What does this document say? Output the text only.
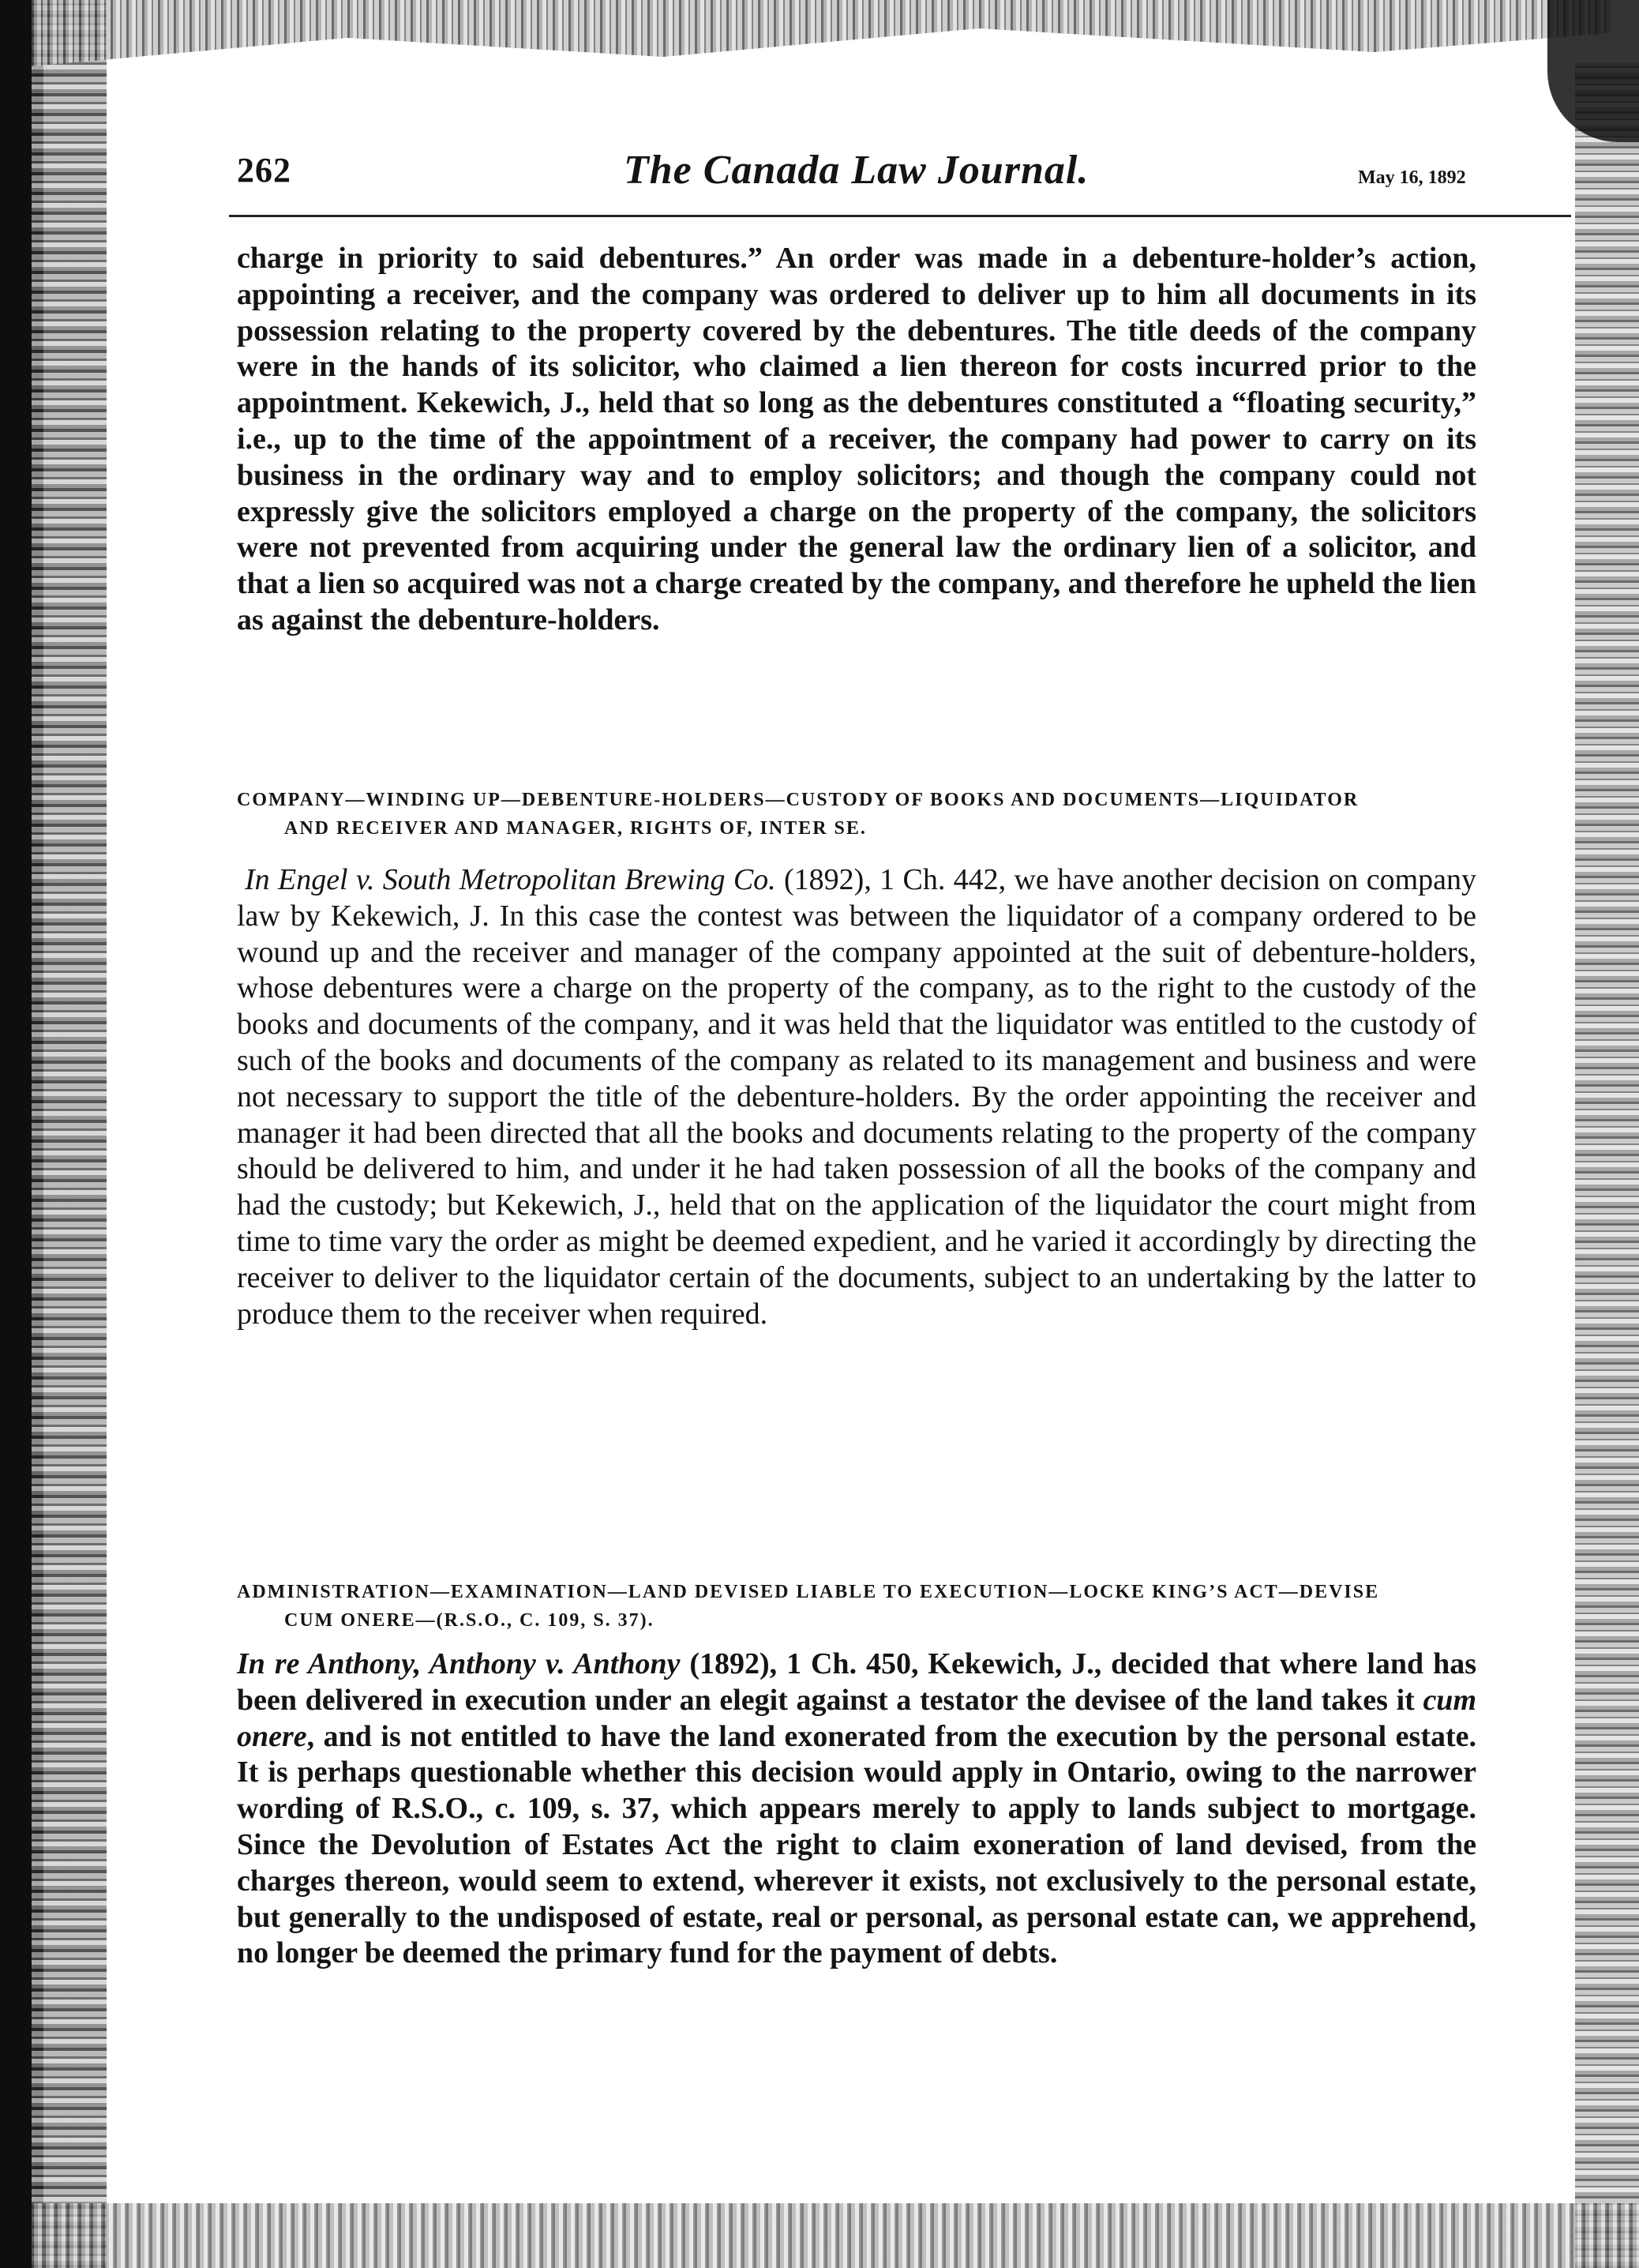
262	The Canada Law Journal.	May 16, 1892
charge in priority to said debentures.” An order was made in a debenture-holder’s action, appointing a receiver, and the company was ordered to deliver up to him all documents in its possession relating to the property covered by the debentures. The title deeds of the company were in the hands of its solicitor, who claimed a lien thereon for costs incurred prior to the appointment. Kekewich, J., held that so long as the debentures constituted a “floating security,” i.e., up to the time of the appointment of a receiver, the company had power to carry on its business in the ordinary way and to employ solicitors; and though the company could not expressly give the solicitors employed a charge on the property of the company, the solicitors were not prevented from acquiring under the general law the ordinary lien of a solicitor, and that a lien so acquired was not a charge created by the company, and therefore he upheld the lien as against the debenture-holders.
COMPANY—WINDING UP—DEBENTURE-HOLDERS—CUSTODY OF BOOKS AND DOCUMENTS—LIQUIDATOR
AND RECEIVER AND MANAGER, RIGHTS OF, INTER SE.
In Engel v. South Metropolitan Brewing Co. (1892), 1 Ch. 442, we have another decision on company law by Kekewich, J. In this case the contest was between the liquidator of a company ordered to be wound up and the receiver and manager of the company appointed at the suit of debenture-holders, whose debentures were a charge on the property of the company, as to the right to the custody of the books and documents of the company, and it was held that the liquidator was entitled to the custody of such of the books and documents of the company as related to its management and business and were not necessary to support the title of the debenture-holders. By the order appointing the receiver and manager it had been directed that all the books and documents relating to the property of the company should be delivered to him, and under it he had taken possession of all the books of the company and had the custody; but Kekewich, J., held that on the application of the liquidator the court might from time to time vary the order as might be deemed expedient, and he varied it accordingly by directing the receiver to deliver to the liquidator certain of the documents, subject to an undertaking by the latter to produce them to the receiver when required.
ADMINISTRATION—EXAMINATION—LAND DEVISED LIABLE TO EXECUTION—LOCKE KING’S ACT—DEVISE
CUM ONERE—(R.S.O., C. 109, S. 37).
In re Anthony, Anthony v. Anthony (1892), 1 Ch. 450, Kekewich, J., decided that where land has been delivered in execution under an elegit against a testator the devisee of the land takes it cum onere, and is not entitled to have the land exonerated from the execution by the personal estate. It is perhaps questionable whether this decision would apply in Ontario, owing to the narrower wording of R.S.O., c. 109, s. 37, which appears merely to apply to lands subject to mortgage. Since the Devolution of Estates Act the right to claim exoneration of land devised, from the charges thereon, would seem to extend, wherever it exists, not exclusively to the personal estate, but generally to the undisposed of estate, real or personal, as personal estate can, we apprehend, no longer be deemed the primary fund for the payment of debts.
